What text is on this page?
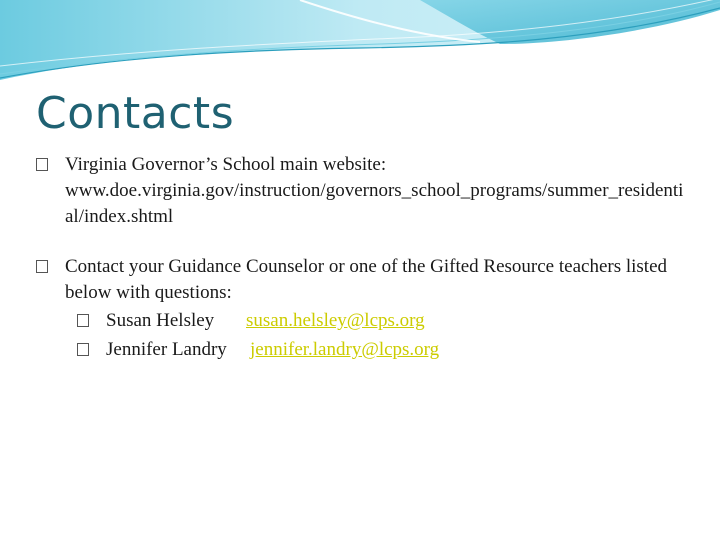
Contacts
Virginia Governor’s School main website:
www.doe.virginia.gov/instruction/governors_school_programs/summer_residential/index.shtml
Contact your Guidance Counselor or one of the Gifted Resource teachers listed below with questions:
Susan Helsley susan.helsley@lcps.org
Jennifer Landry jennifer.landry@lcps.org
